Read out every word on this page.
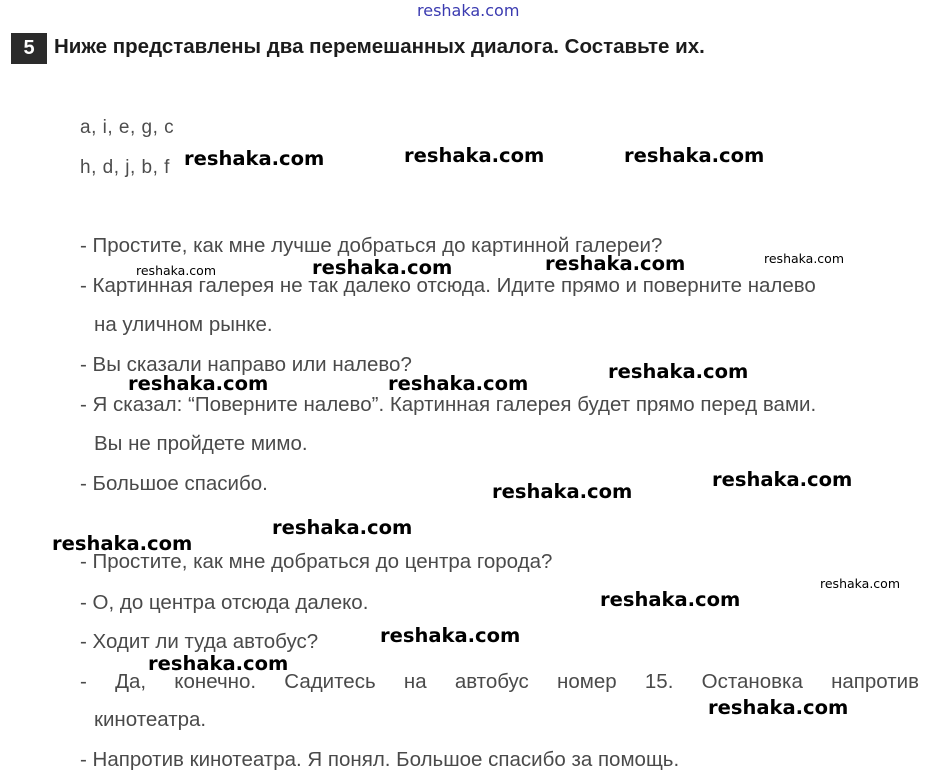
reshaka.com
5 Ниже представлены два перемешанных диалога. Составьте их.
a, i, e, g, c
h, d, j, b, f
- Простите, как мне лучше добраться до картинной галереи?
- Картинная галерея не так далеко отсюда. Идите прямо и поверните налево
на уличном рынке.
- Вы сказали направо или налево?
- Я сказал: “Поверните налево”. Картинная галерея будет прямо перед вами.
Вы не пройдете мимо.
- Большое спасибо.
- Простите, как мне добраться до центра города?
- О, до центра отсюда далеко.
- Ходит ли туда автобус?
- Да, конечно. Садитесь на автобус номер 15. Остановка напротив
кинотеатра.
- Напротив кинотеатра. Я понял. Большое спасибо за помощь.
reshaka.com	reshaka.com	reshaka.com
reshaka.com	reshaka.com	reshaka.com	reshaka.com
reshaka.com	reshaka.com
reshaka.com
reshaka.com
reshaka.com
reshaka.com
reshaka.com
reshaka.com
reshaka.com
reshaka.com
reshaka.com
reshaka.com
